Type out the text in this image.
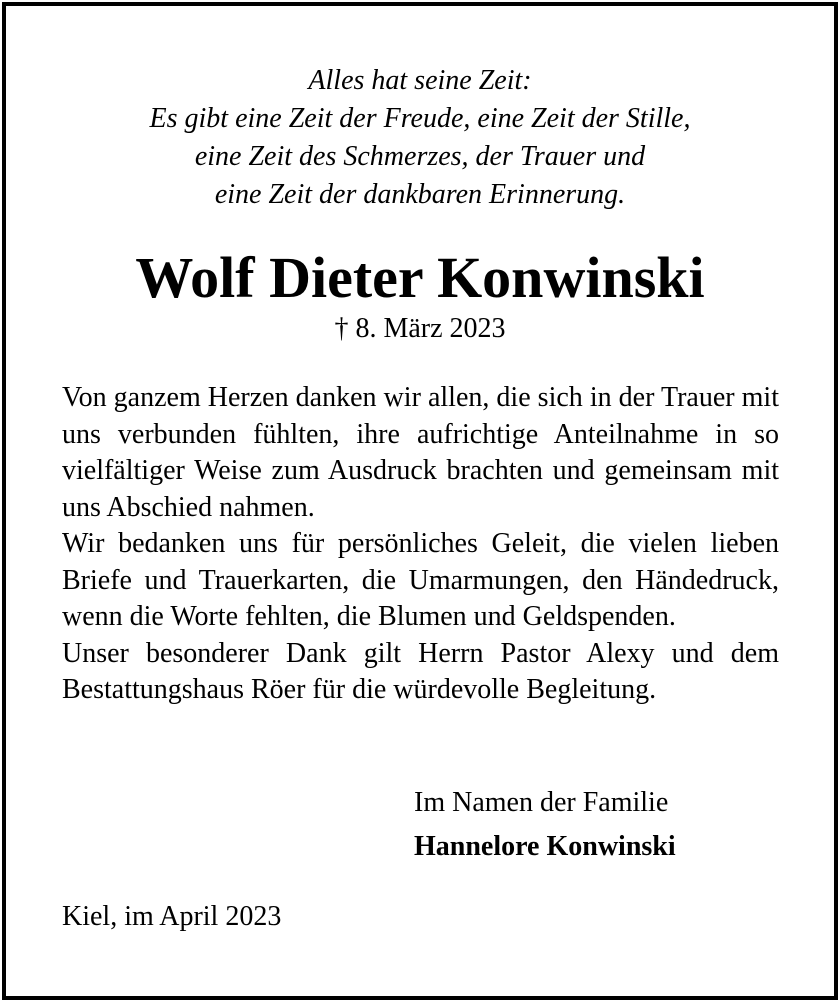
Alles hat seine Zeit:
Es gibt eine Zeit der Freude, eine Zeit der Stille,
eine Zeit des Schmerzes, der Trauer und
eine Zeit der dankbaren Erinnerung.
Wolf Dieter Konwinski
† 8. März 2023

Von ganzem Herzen danken wir allen, die sich in der Trauer mit uns verbunden fühlten, ihre aufrichtige Anteilnahme in so vielfältiger Weise zum Ausdruck brachten und gemeinsam mit uns Abschied nahmen.

Wir bedanken uns für persönliches Geleit, die vielen lieben Briefe und Trauerkarten, die Umarmungen, den Händedruck, wenn die Worte fehlten, die Blumen und Geldspenden.

Unser besonderer Dank gilt Herrn Pastor Alexy und dem Bestattungshaus Röer für die würdevolle Begleitung.

Im Namen der Familie
Hannelore Konwinski
Kiel, im April 2023
